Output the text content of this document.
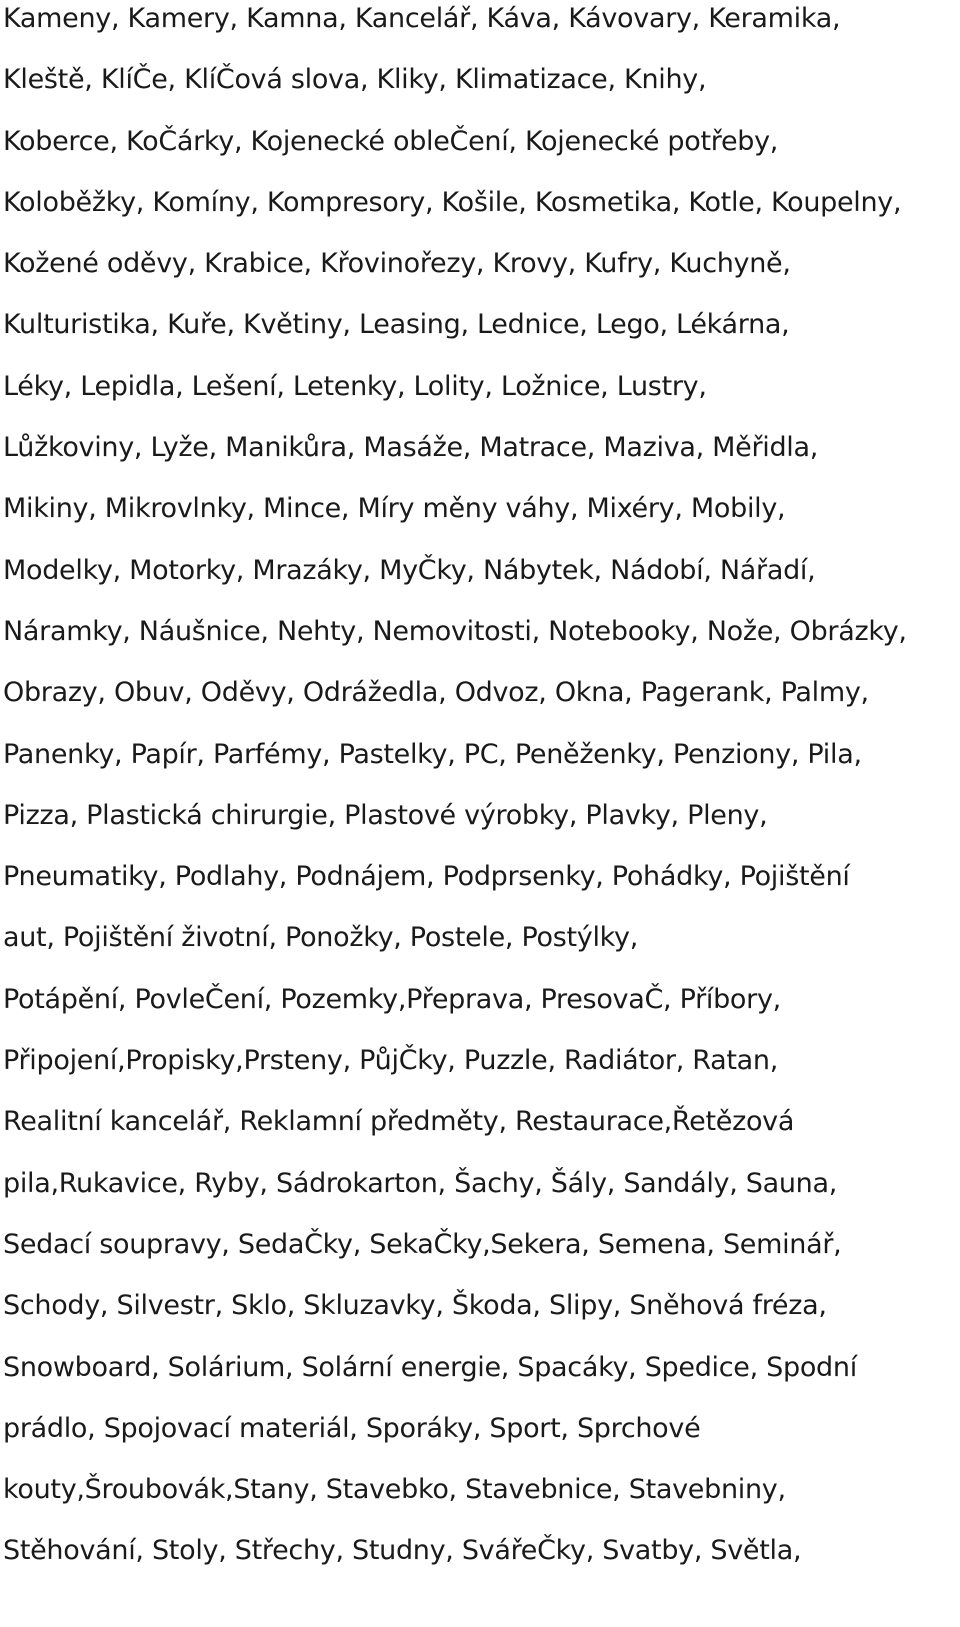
Kameny, Kamery, Kamna, Kancelář, Káva, Kávovary, Keramika,
Kleště, KlíČe, KlíČová slova, Kliky, Klimatizace, Knihy,
Koberce, KoČárky, Kojenecké obleČení, Kojenecké potřeby,
Koloběžky, Komíny, Kompresory, Košile, Kosmetika, Kotle, Koupelny,
Kožené oděvy, Krabice, Křovinořezy, Krovy, Kufry, Kuchyně,
Kulturistika, Kuře, Květiny, Leasing, Lednice, Lego, Lékárna,
Léky, Lepidla, Lešení, Letenky, Lolity, Ložnice, Lustry,
Lůžkoviny, Lyže, Manikůra, Masáže, Matrace, Maziva, Měřidla,
Mikiny, Mikrovlnky, Mince, Míry měny váhy, Mixéry, Mobily,
Modelky, Motorky, Mrazáky, MyČky, Nábytek, Nádobí, Nářadí,
Náramky, Náušnice, Nehty, Nemovitosti, Notebooky, Nože, Obrázky,
Obrazy, Obuv, Oděvy, Odrážedla, Odvoz, Okna, Pagerank, Palmy,
Panenky, Papír, Parfémy, Pastelky, PC, Peněženky, Penziony, Pila,
Pizza, Plastická chirurgie, Plastové výrobky, Plavky, Pleny,
Pneumatiky, Podlahy, Podnájem, Podprsenky, Pohádky, Pojištění
aut, Pojištění životní, Ponožky, Postele, Postýlky,
Potápění, PovleČení, Pozemky,Přeprava, PresovaČ, Příbory,
Připojení,Propisky,Prsteny, PůjČky, Puzzle, Radiátor, Ratan,
Realitní kancelář, Reklamní předměty, Restaurace,Řetězová
pila,Rukavice, Ryby, Sádrokarton, Šachy, Šály, Sandály, Sauna,
Sedací soupravy, SedaČky, SekaČky,Sekera, Semena, Seminář,
Schody, Silvestr, Sklo, Skluzavky, Škoda, Slipy, Sněhová fréza,
Snowboard, Solárium, Solární energie, Spacáky, Spedice, Spodní
prádlo, Spojovací materiál, Sporáky, Sport, Sprchové
kouty,Šroubovák,Stany, Stavebko, Stavebnice, Stavebniny,
Stěhování, Stoly, Střechy, Studny, SvářeČky, Svatby, Světla,
